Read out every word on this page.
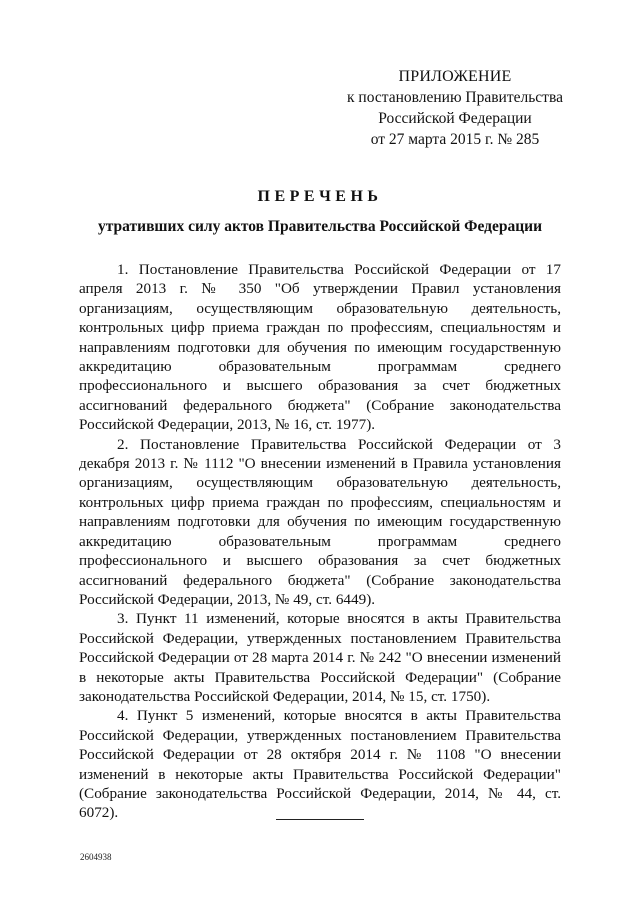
ПРИЛОЖЕНИЕ
к постановлению Правительства
Российской Федерации
от 27 марта 2015 г. № 285
ПЕРЕЧЕНЬ
утративших силу актов Правительства Российской Федерации

1. Постановление Правительства Российской Федерации от 17 апреля 2013 г. № 350 "Об утверждении Правил установления организациям, осуществляющим образовательную деятельность, контрольных цифр приема граждан по профессиям, специальностям и направлениям подготовки для обучения по имеющим государственную аккредитацию образовательным программам среднего профессионального и высшего образования за счет бюджетных ассигнований федерального бюджета" (Собрание законодательства Российской Федерации, 2013, № 16, ст. 1977).

2. Постановление Правительства Российской Федерации от 3 декабря 2013 г. № 1112 "О внесении изменений в Правила установления организациям, осуществляющим образовательную деятельность, контрольных цифр приема граждан по профессиям, специальностям и направлениям подготовки для обучения по имеющим государственную аккредитацию образовательным программам среднего профессионального и высшего образования за счет бюджетных ассигнований федерального бюджета" (Собрание законодательства Российской Федерации, 2013, № 49, ст. 6449).

3. Пункт 11 изменений, которые вносятся в акты Правительства Российской Федерации, утвержденных постановлением Правительства Российской Федерации от 28 марта 2014 г. № 242 "О внесении изменений в некоторые акты Правительства Российской Федерации" (Собрание законодательства Российской Федерации, 2014, № 15, ст. 1750).

4. Пункт 5 изменений, которые вносятся в акты Правительства Российской Федерации, утвержденных постановлением Правительства Российской Федерации от 28 октября 2014 г. № 1108 "О внесении изменений в некоторые акты Правительства Российской Федерации" (Собрание законодательства Российской Федерации, 2014, № 44, ст. 6072).

2604938
